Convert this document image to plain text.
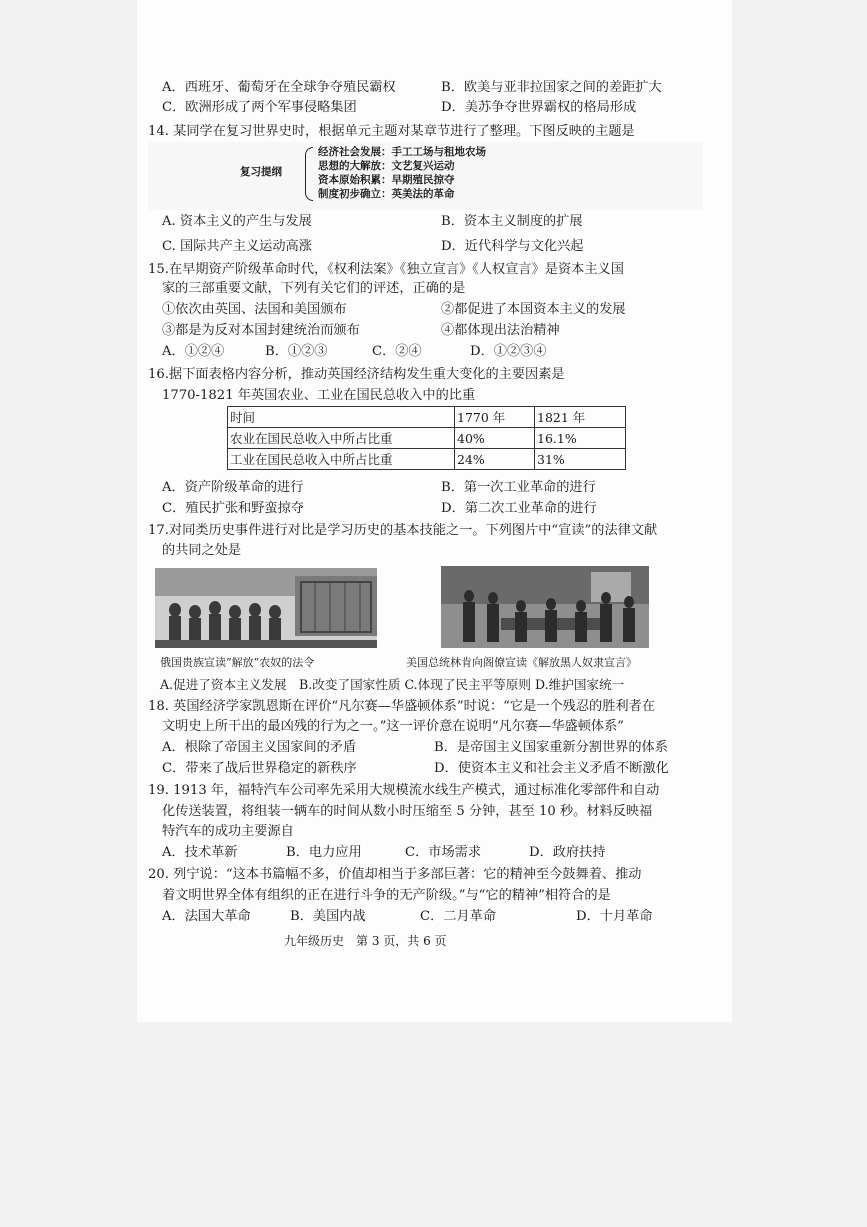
A．西班牙、葡萄牙在全球争夺殖民霸权	B．欧美与亚非拉国家之间的差距扩大
C．欧洲形成了两个军事侵略集团	D．美苏争夺世界霸权的格局形成
14. 某同学在复习世界史时，根据单元主题对某章节进行了整理。下图反映的主题是
复习提纲
经济社会发展：手工工场与租地农场
思想的大解放：文艺复兴运动
资本原始积累：早期殖民掠夺
制度初步确立：英美法的革命
A. 资本主义的产生与发展	B．资本主义制度的扩展
C. 国际共产主义运动高涨	D．近代科学与文化兴起
15.在早期资产阶级革命时代，《权利法案》《独立宣言》《人权宣言》是资本主义国
家的三部重要文献，下列有关它们的评述，正确的是
①依次由英国、法国和美国颁布	②都促进了本国资本主义的发展
③都是为反对本国封建统治而颁布	④都体现出法治精神
A．①②④	B．①②③	C．②④	D．①②③④
16.据下面表格内容分析，推动英国经济结构发生重大变化的主要因素是
1770-1821 年英国农业、工业在国民总收入中的比重
时间	1770 年	1821 年
农业在国民总收入中所占比重	40%	16.1%
工业在国民总收入中所占比重	24%	31%
A．资产阶级革命的进行	B．第一次工业革命的进行
C．殖民扩张和野蛮掠夺	D．第二次工业革命的进行
17.对同类历史事件进行对比是学习历史的基本技能之一。下列图片中“宣读”的法律文献
的共同之处是
俄国贵族宣读“解放”农奴的法令	美国总统林肯向阁僚宣读《解放黑人奴隶宣言》
A.促进了资本主义发展　B.改变了国家性质 C.体现了民主平等原则 D.维护国家统一
18. 英国经济学家凯恩斯在评价“凡尔赛—华盛顿体系”时说：“它是一个残忍的胜利者在
文明史上所干出的最凶残的行为之一。”这一评价意在说明“凡尔赛—华盛顿体系”
A．根除了帝国主义国家间的矛盾	B．是帝国主义国家重新分割世界的体系
C．带来了战后世界稳定的新秩序	D．使资本主义和社会主义矛盾不断激化
19. 1913 年，福特汽车公司率先采用大规模流水线生产模式，通过标准化零部件和自动
化传送装置，将组装一辆车的时间从数小时压缩至 5 分钟，甚至 10 秒。材料反映福
特汽车的成功主要源自
A．技术革新	B．电力应用	C．市场需求	D．政府扶持
20. 列宁说：“这本书篇幅不多，价值却相当于多部巨著：它的精神至今鼓舞着、推动
着文明世界全体有组织的正在进行斗争的无产阶级。”与“它的精神”相符合的是
A．法国大革命	B．美国内战	C．二月革命	D．十月革命
九年级历史　第 3 页，共 6 页
